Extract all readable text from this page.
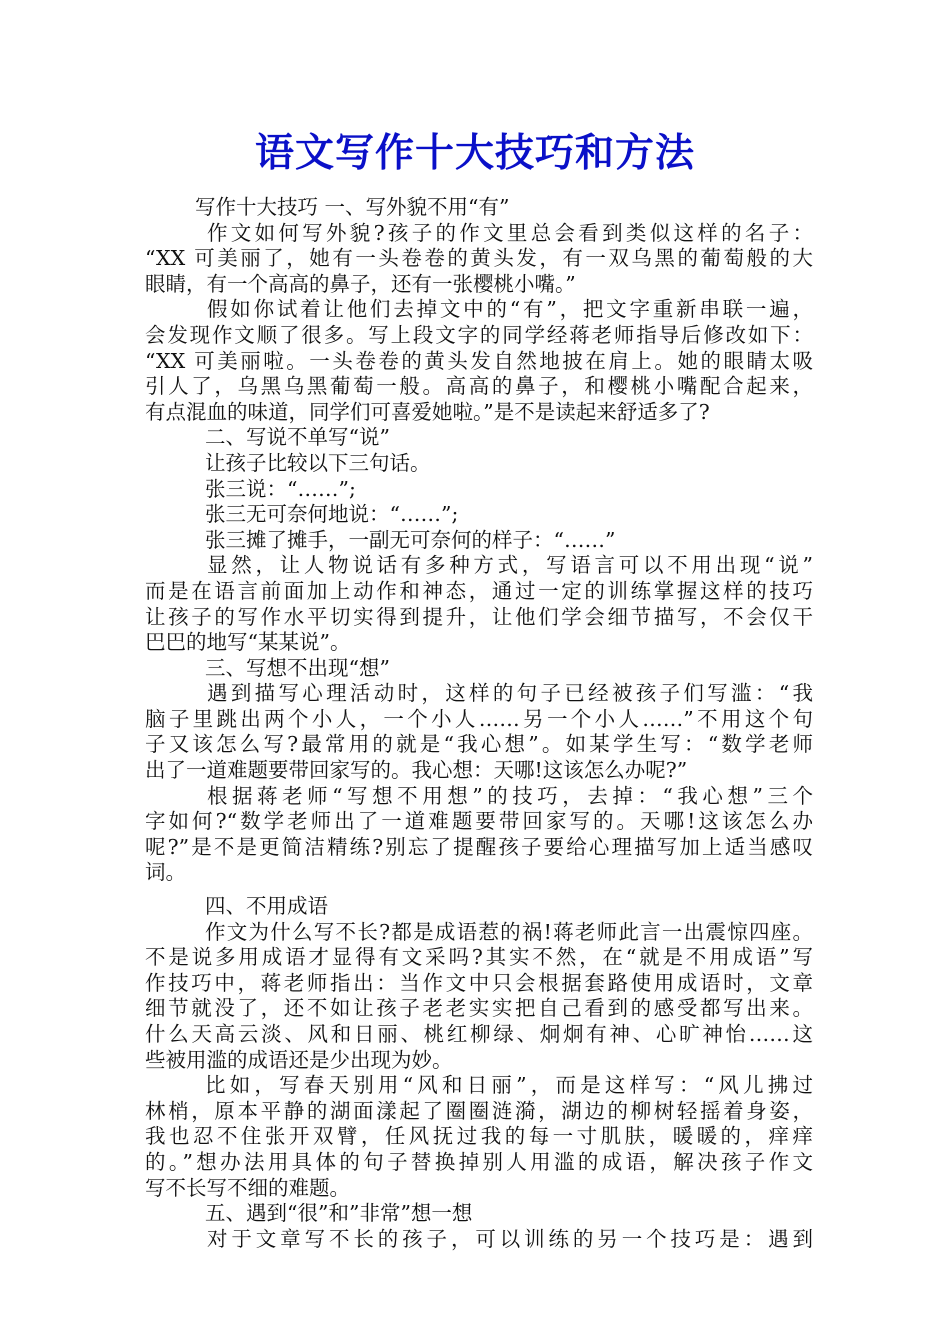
语文写作十大技巧和方法
写作十大技巧 一、写外貌不用“有”
作文如何写外貌?孩子的作文里总会看到类似这样的名子：
“XX 可美丽了，她有一头卷卷的黄头发，有一双乌黑的葡萄般的大
眼睛，有一个高高的鼻子，还有一张樱桃小嘴。”
假如你试着让他们去掉文中的“有”，把文字重新串联一遍，
会发现作文顺了很多。写上段文字的同学经蒋老师指导后修改如下：
“XX 可美丽啦。一头卷卷的黄头发自然地披在肩上。她的眼睛太吸
引人了，乌黑乌黑葡萄一般。高高的鼻子，和樱桃小嘴配合起来，
有点混血的味道，同学们可喜爱她啦。”是不是读起来舒适多了?
二、写说不单写“说”
让孩子比较以下三句话。
张三说：“……”;
张三无可奈何地说：“……”;
张三摊了摊手，一副无可奈何的样子：“……”
显然，让人物说话有多种方式，写语言可以不用出现“说”
而是在语言前面加上动作和神态，通过一定的训练掌握这样的技巧
让孩子的写作水平切实得到提升，让他们学会细节描写，不会仅干
巴巴的地写“某某说”。
三、写想不出现“想”
遇到描写心理活动时，这样的句子已经被孩子们写滥：“我
脑子里跳出两个小人，一个小人……另一个小人……”不用这个句
子又该怎么写?最常用的就是“我心想”。如某学生写：“数学老师
出了一道难题要带回家写的。我心想：天哪!这该怎么办呢?”
根据蒋老师“写想不用想”的技巧，去掉：“我心想”三个
字如何?“数学老师出了一道难题要带回家写的。天哪!这该怎么办
呢?”是不是更简洁精练?别忘了提醒孩子要给心理描写加上适当感叹
词。
四、不用成语
作文为什么写不长?都是成语惹的祸!蒋老师此言一出震惊四座。
不是说多用成语才显得有文采吗?其实不然，在“就是不用成语”写
作技巧中，蒋老师指出：当作文中只会根据套路使用成语时，文章
细节就没了，还不如让孩子老老实实把自己看到的感受都写出来。
什么天高云淡、风和日丽、桃红柳绿、炯炯有神、心旷神怡……这
些被用滥的成语还是少出现为妙。
比如，写春天别用“风和日丽”，而是这样写：“风儿拂过
林梢，原本平静的湖面漾起了圈圈涟漪，湖边的柳树轻摇着身姿，
我也忍不住张开双臂，任风抚过我的每一寸肌肤，暖暖的，痒痒
的。”想办法用具体的句子替换掉别人用滥的成语，解决孩子作文
写不长写不细的难题。
五、遇到“很”和”非常”想一想
对于文章写不长的孩子，可以训练的另一个技巧是：遇到
